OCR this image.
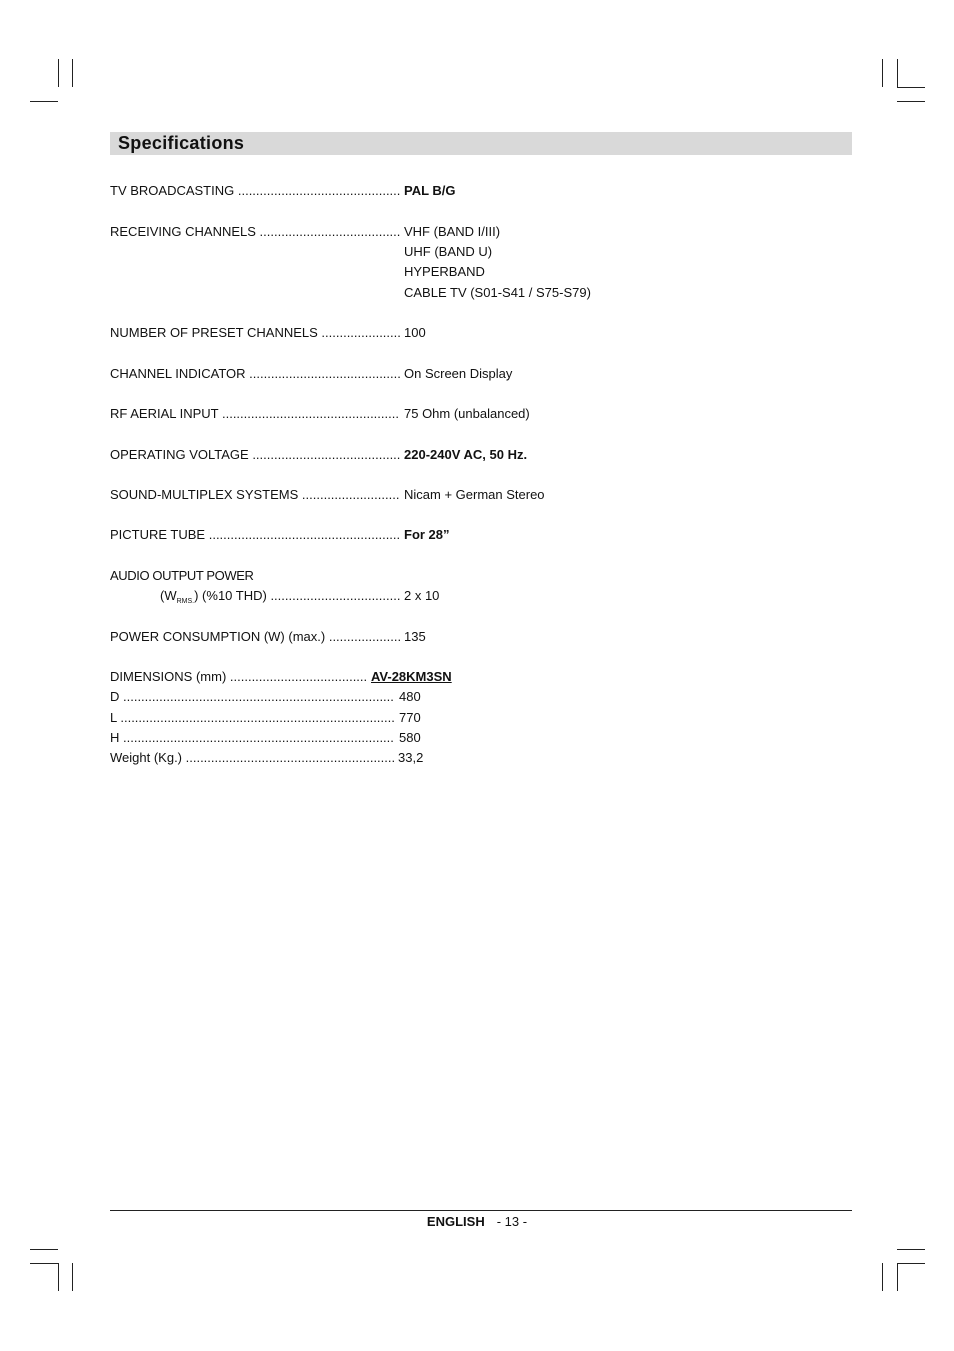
Specifications
TV BROADCASTING .....	PAL B/G
RECEIVING CHANNELS .....	VHF (BAND I/III)
UHF (BAND U)
HYPERBAND
CABLE TV (S01-S41 / S75-S79)
NUMBER OF PRESET CHANNELS .....	100
CHANNEL INDICATOR .....	On Screen Display
RF AERIAL INPUT .....	75 Ohm (unbalanced)
OPERATING VOLTAGE .....	220-240V AC, 50 Hz.
SOUND-MULTIPLEX SYSTEMS .....	Nicam + German Stereo
PICTURE TUBE .....	For 28”
AUDIO OUTPUT POWER
$(W_{RMS.})$ (%10 THD) .....	2 x 10
POWER CONSUMPTION (W) (max.) .....	135
DIMENSIONS (mm) .....	AV-28KM3SN
D .....	480
L .....	770
H .....	580
Weight (Kg.) .....	33,2
ENGLISH - 13 -
